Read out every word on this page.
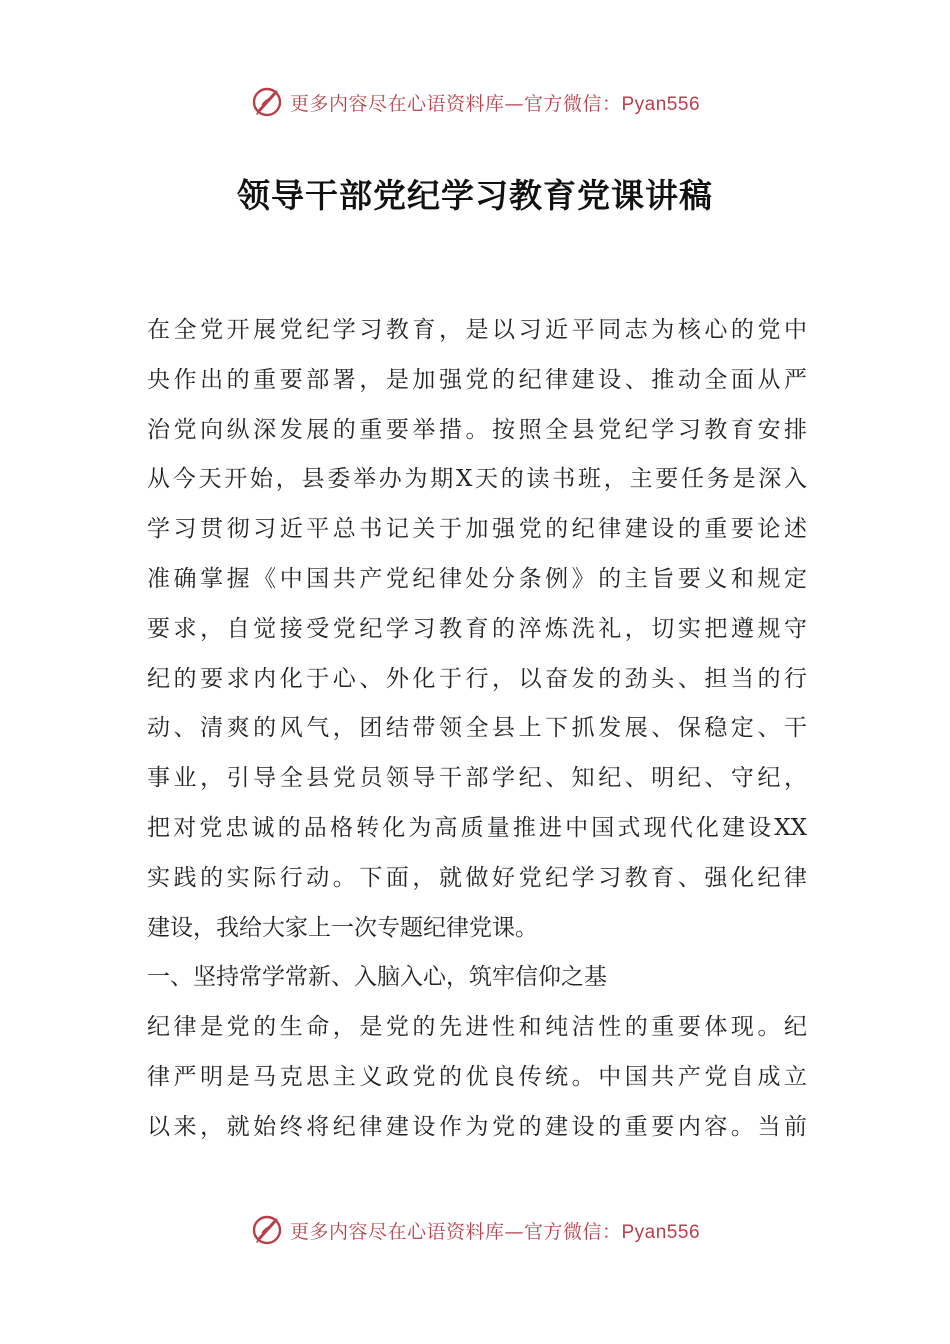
更多内容尽在心语资料库—官方微信：Pyan556
领导干部党纪学习教育党课讲稿
在全党开展党纪学习教育，是以习近平同志为核心的党中
央作出的重要部署，是加强党的纪律建设、推动全面从严
治党向纵深发展的重要举措。按照全县党纪学习教育安排
从今天开始，县委举办为期X天的读书班，主要任务是深入
学习贯彻习近平总书记关于加强党的纪律建设的重要论述
准确掌握《中国共产党纪律处分条例》的主旨要义和规定
要求，自觉接受党纪学习教育的淬炼洗礼，切实把遵规守
纪的要求内化于心、外化于行，以奋发的劲头、担当的行
动、清爽的风气，团结带领全县上下抓发展、保稳定、干
事业，引导全县党员领导干部学纪、知纪、明纪、守纪，
把对党忠诚的品格转化为高质量推进中国式现代化建设XX
实践的实际行动。下面，就做好党纪学习教育、强化纪律
建设，我给大家上一次专题纪律党课。
一、坚持常学常新、入脑入心，筑牢信仰之基
纪律是党的生命，是党的先进性和纯洁性的重要体现。纪
律严明是马克思主义政党的优良传统。中国共产党自成立
以来，就始终将纪律建设作为党的建设的重要内容。当前
更多内容尽在心语资料库—官方微信：Pyan556
